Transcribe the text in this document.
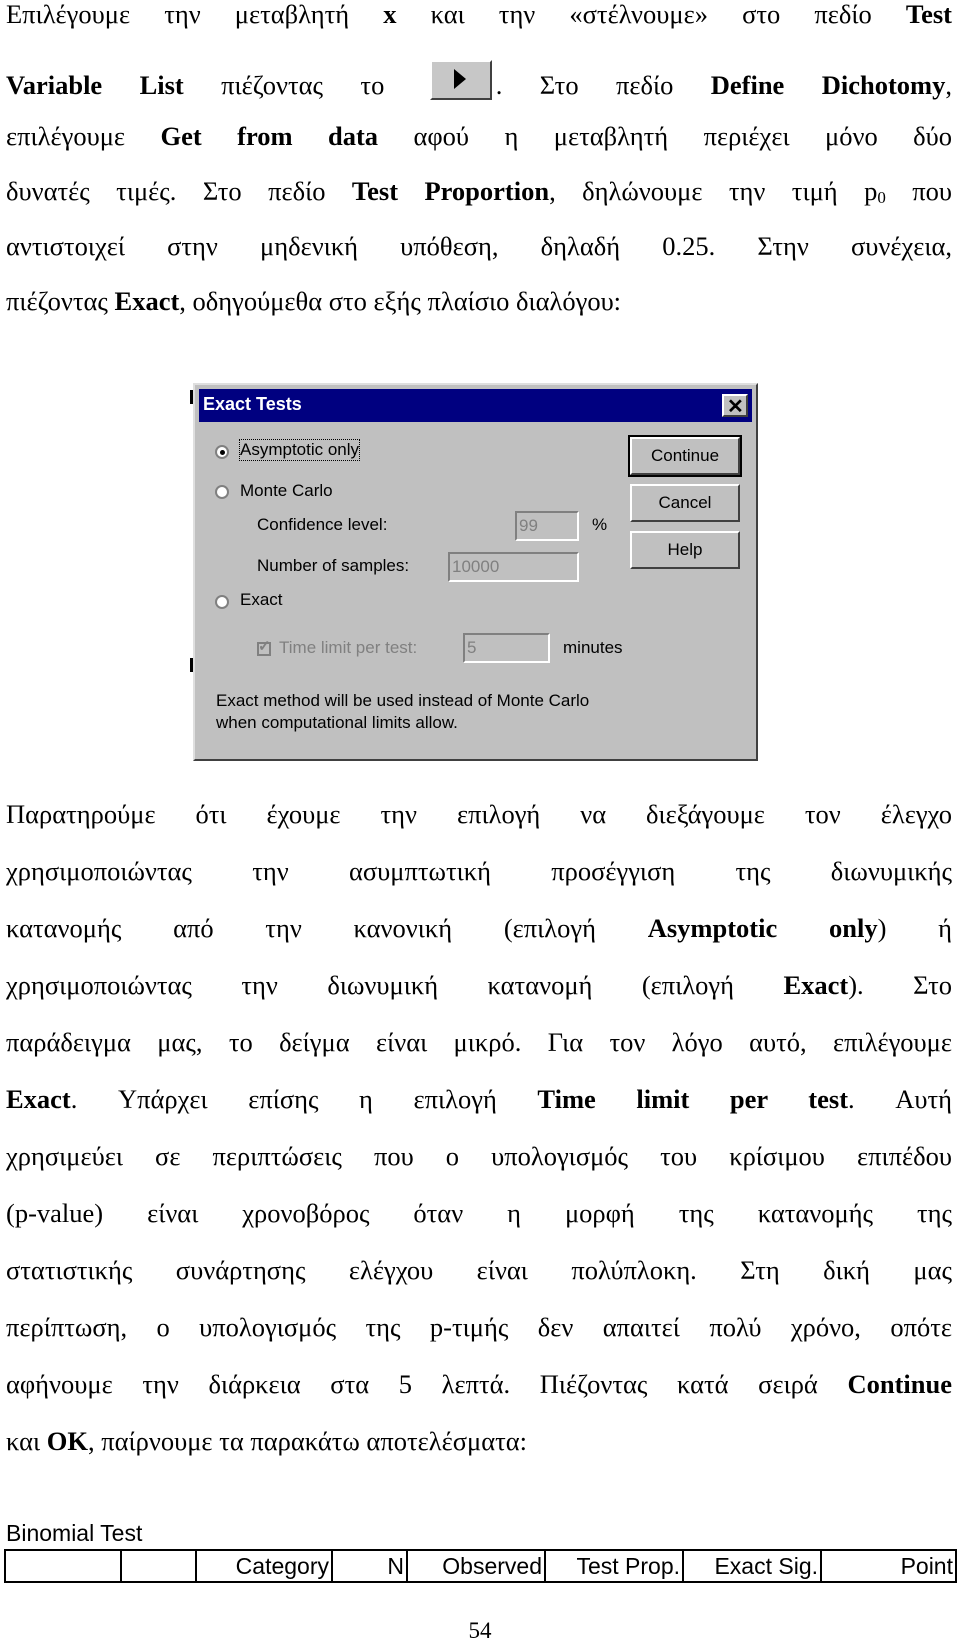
Επιλέγουμε την μεταβλητή x και την «στέλνουμε» στο πεδίο Test
Variable List πιέζοντας το	. Στο πεδίο Define Dichotomy,
επιλέγουμε Get from data αφού η μεταβλητή περιέχει μόνο δύο
δυνατές τιμές. Στο πεδίο Test Proportion, δηλώνουμε την τιμή $p_0$ που
αντιστοιχεί στην μηδενική υπόθεση, δηλαδή 0.25. Στην συνέχεια,
πιέζοντας Exact, οδηγούμεθα στο εξής πλαίσιο διαλόγου:
Exact Tests	✕
Asymptotic only
Monte Carlo
Confidence level:	99	%
Number of samples:	10000
Exact
✓ Time limit per test:	5	minutes
Exact method will be used instead of Monte Carlo
when computational limits allow.
Continue
Cancel
Help
Παρατηρούμε ότι έχουμε την επιλογή να διεξάγουμε τον έλεγχο
χρησιμοποιώντας την ασυμπτωτική προσέγγιση της διωνυμικής
κατανομής από την κανονική (επιλογή Asymptotic only) ή
χρησιμοποιώντας την διωνυμική κατανομή (επιλογή Exact). Στο
παράδειγμα μας, το δείγμα είναι μικρό. Για τον λόγο αυτό, επιλέγουμε
Exact. Υπάρχει επίσης η επιλογή Time limit per test. Αυτή
χρησιμεύει σε περιπτώσεις που ο υπολογισμός του κρίσιμου επιπέδου
(p-value) είναι χρονοβόρος όταν η μορφή της κατανομής της
στατιστικής συνάρτησης ελέγχου είναι πολύπλοκη. Στη δική μας
περίπτωση, ο υπολογισμός της p-τιμής δεν απαιτεί πολύ χρόνο, οπότε
αφήνουμε την διάρκεια στα 5 λεπτά. Πιέζοντας κατά σειρά Continue
και OK, παίρνουμε τα παρακάτω αποτελέσματα:
Binomial Test
		Category	N	Observed	Test Prop.	Exact Sig.	Point
54
